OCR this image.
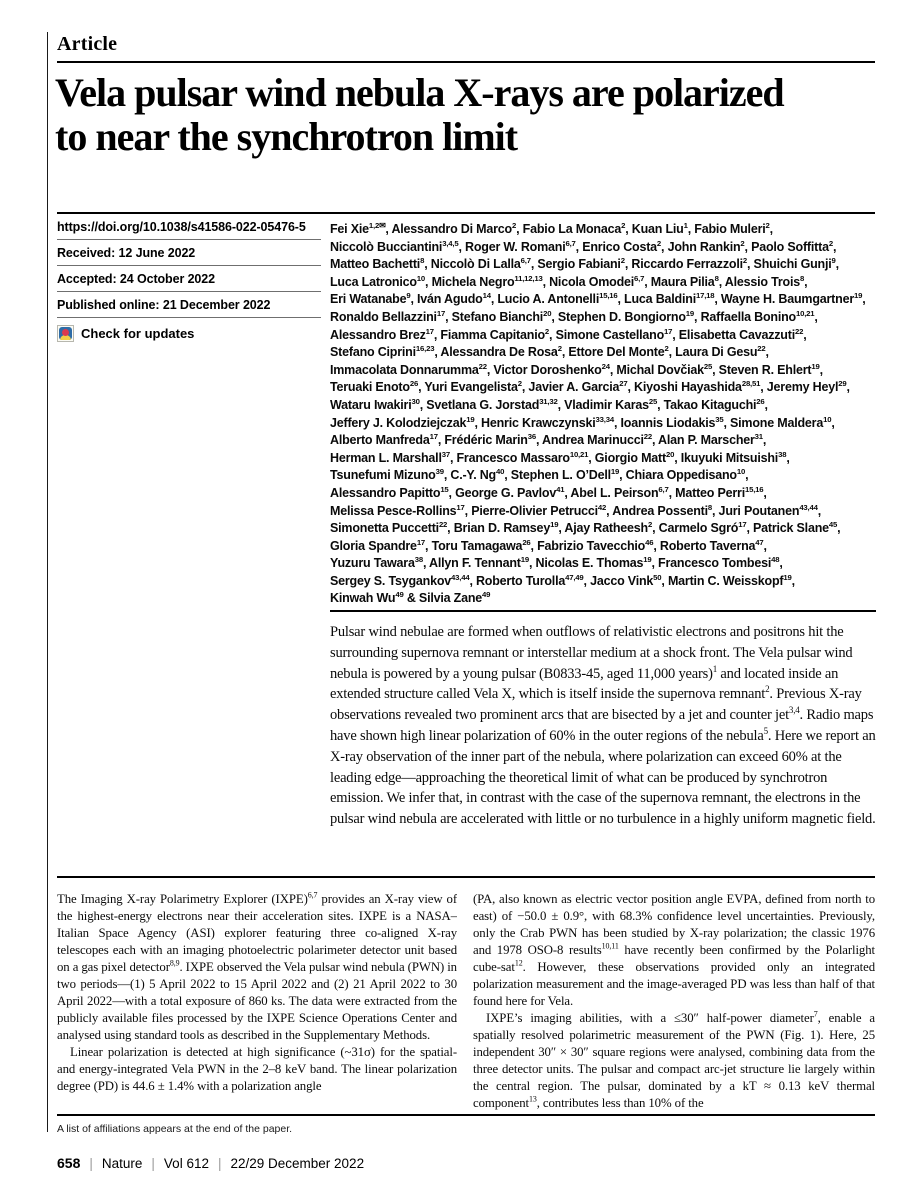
Article
Vela pulsar wind nebula X-rays are polarized
to near the synchrotron limit
https://doi.org/10.1038/s41586-022-05476-5
Received: 12 June 2022
Accepted: 24 October 2022
Published online: 21 December 2022
Check for updates
Fei Xie$^{1,2✉}$, Alessandro Di Marco$^2$, Fabio La Monaca$^2$, Kuan Liu$^1$, Fabio Muleri$^2$,
Niccolò Bucciantini$^{3,4,5}$, Roger W. Romani$^{6,7}$, Enrico Costa$^2$, John Rankin$^2$, Paolo Soffitta$^2$,
Matteo Bachetti$^8$, Niccolò Di Lalla$^{6,7}$, Sergio Fabiani$^2$, Riccardo Ferrazzoli$^2$, Shuichi Gunji$^9$,
Luca Latronico$^{10}$, Michela Negro$^{11,12,13}$, Nicola Omodei$^{6,7}$, Maura Pilia$^8$, Alessio Trois$^8$,
Eri Watanabe$^9$, Iván Agudo$^{14}$, Lucio A. Antonelli$^{15,16}$, Luca Baldini$^{17,18}$, Wayne H. Baumgartner$^{19}$,
Ronaldo Bellazzini$^{17}$, Stefano Bianchi$^{20}$, Stephen D. Bongiorno$^{19}$, Raffaella Bonino$^{10,21}$,
Alessandro Brez$^{17}$, Fiamma Capitanio$^2$, Simone Castellano$^{17}$, Elisabetta Cavazzuti$^{22}$,
Stefano Ciprini$^{16,23}$, Alessandra De Rosa$^2$, Ettore Del Monte$^2$, Laura Di Gesu$^{22}$,
Immacolata Donnarumma$^{22}$, Victor Doroshenko$^{24}$, Michal Dovčiak$^{25}$, Steven R. Ehlert$^{19}$,
Teruaki Enoto$^{26}$, Yuri Evangelista$^2$, Javier A. Garcia$^{27}$, Kiyoshi Hayashida$^{28,51}$, Jeremy Heyl$^{29}$,
Wataru Iwakiri$^{30}$, Svetlana G. Jorstad$^{31,32}$, Vladimir Karas$^{25}$, Takao Kitaguchi$^{26}$,
Jeffery J. Kolodziejczak$^{19}$, Henric Krawczynski$^{33,34}$, Ioannis Liodakis$^{35}$, Simone Maldera$^{10}$,
Alberto Manfreda$^{17}$, Frédéric Marin$^{36}$, Andrea Marinucci$^{22}$, Alan P. Marscher$^{31}$,
Herman L. Marshall$^{37}$, Francesco Massaro$^{10,21}$, Giorgio Matt$^{20}$, Ikuyuki Mitsuishi$^{38}$,
Tsunefumi Mizuno$^{39}$, C.-Y. Ng$^{40}$, Stephen L. O’Dell$^{19}$, Chiara Oppedisano$^{10}$,
Alessandro Papitto$^{15}$, George G. Pavlov$^{41}$, Abel L. Peirson$^{6,7}$, Matteo Perri$^{15,16}$,
Melissa Pesce-Rollins$^{17}$, Pierre-Olivier Petrucci$^{42}$, Andrea Possenti$^8$, Juri Poutanen$^{43,44}$,
Simonetta Puccetti$^{22}$, Brian D. Ramsey$^{19}$, Ajay Ratheesh$^2$, Carmelo Sgró$^{17}$, Patrick Slane$^{45}$,
Gloria Spandre$^{17}$, Toru Tamagawa$^{26}$, Fabrizio Tavecchio$^{46}$, Roberto Taverna$^{47}$,
Yuzuru Tawara$^{38}$, Allyn F. Tennant$^{19}$, Nicolas E. Thomas$^{19}$, Francesco Tombesi$^{48}$,
Sergey S. Tsygankov$^{43,44}$, Roberto Turolla$^{47,49}$, Jacco Vink$^{50}$, Martin C. Weisskopf$^{19}$,
Kinwah Wu$^{49}$ & Silvia Zane$^{49}$
Pulsar wind nebulae are formed when outflows of relativistic electrons and positrons hit the surrounding supernova remnant or interstellar medium at a shock front. The Vela pulsar wind nebula is powered by a young pulsar (B0833-45, aged 11,000 years)$^1$ and located inside an extended structure called Vela X, which is itself inside the supernova remnant$^2$. Previous X-ray observations revealed two prominent arcs that are bisected by a jet and counter jet$^{3,4}$. Radio maps have shown high linear polarization of 60% in the outer regions of the nebula$^5$. Here we report an X-ray observation of the inner part of the nebula, where polarization can exceed 60% at the leading edge—approaching the theoretical limit of what can be produced by synchrotron emission. We infer that, in contrast with the case of the supernova remnant, the electrons in the pulsar wind nebula are accelerated with little or no turbulence in a highly uniform magnetic field.
The Imaging X-ray Polarimetry Explorer (IXPE)$^{6,7}$ provides an X-ray view of the highest-energy electrons near their acceleration sites. IXPE is a NASA–Italian Space Agency (ASI) explorer featuring three co-aligned X-ray telescopes each with an imaging photoelectric polarimeter detector unit based on a gas pixel detector$^{8,9}$. IXPE observed the Vela pulsar wind nebula (PWN) in two periods—(1) 5 April 2022 to 15 April 2022 and (2) 21 April 2022 to 30 April 2022—with a total exposure of 860 ks. The data were extracted from the publicly available files processed by the IXPE Science Operations Center and analysed using standard tools as described in the Supplementary Methods.
Linear polarization is detected at high significance (~31σ) for the spatial- and energy-integrated Vela PWN in the 2–8 keV band. The linear polarization degree (PD) is 44.6 ± 1.4% with a polarization angle
(PA, also known as electric vector position angle EVPA, defined from north to east) of −50.0 ± 0.9°, with 68.3% confidence level uncertainties. Previously, only the Crab PWN has been studied by X-ray polarization; the classic 1976 and 1978 OSO-8 results$^{10,11}$ have recently been confirmed by the Polarlight cube-sat$^{12}$. However, these observations provided only an integrated polarization measurement and the image-averaged PD was less than half of that found here for Vela.
IXPE’s imaging abilities, with a ≤30″ half-power diameter$^7$, enable a spatially resolved polarimetric measurement of the PWN (Fig. 1). Here, 25 independent 30″ × 30″ square regions were analysed, combining data from the three detector units. The pulsar and compact arc-jet structure lie largely within the central region. The pulsar, dominated by a kT ≈ 0.13 keV thermal component$^{13}$, contributes less than 10% of the
A list of affiliations appears at the end of the paper.
658 | Nature | Vol 612 | 22/29 December 2022
